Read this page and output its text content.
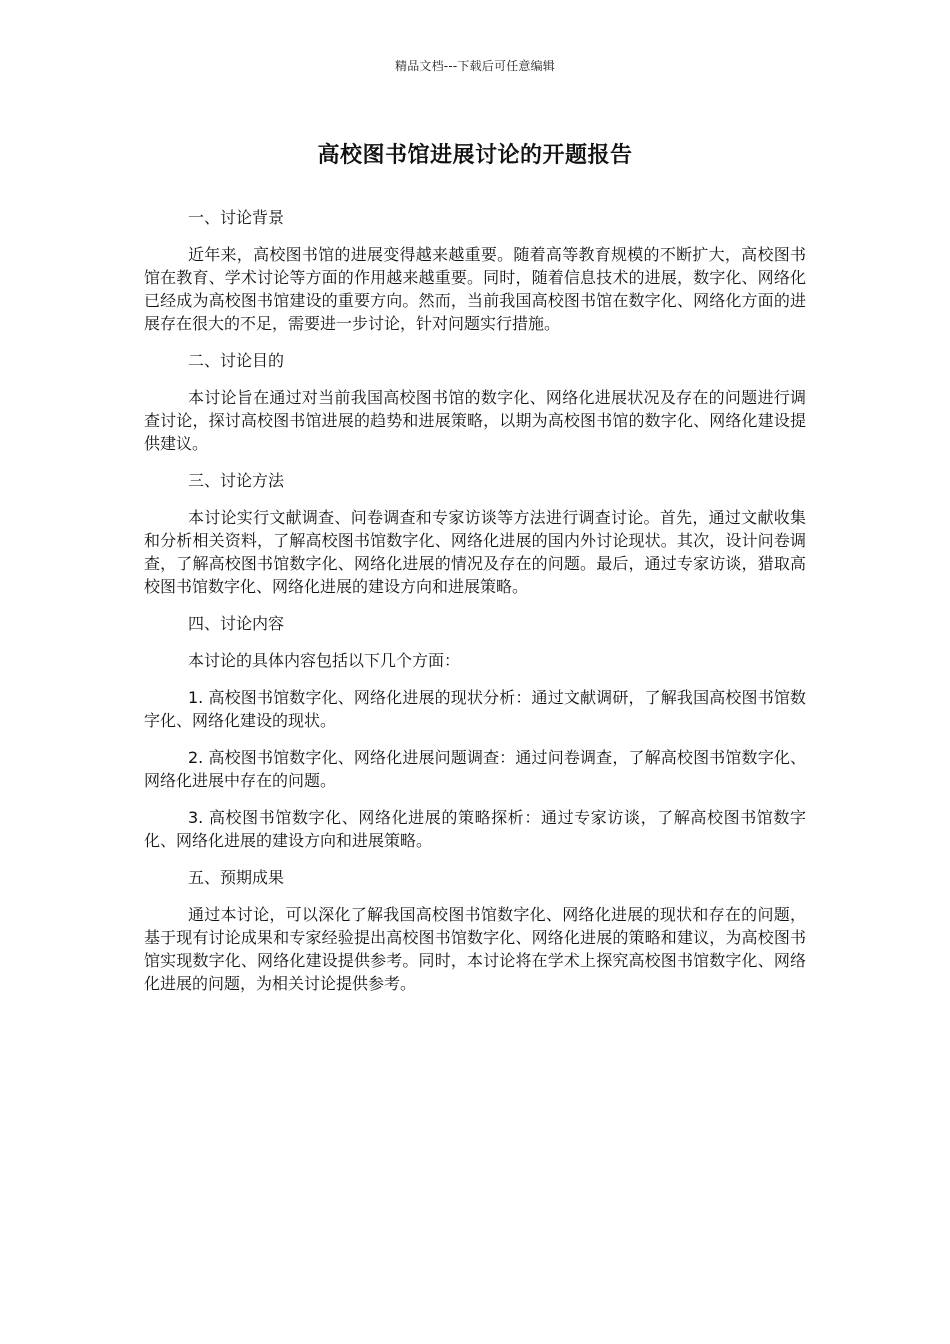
精品文档---下载后可任意编辑
高校图书馆进展讨论的开题报告

一、讨论背景

近年来，高校图书馆的进展变得越来越重要。随着高等教育规模的不断扩大，高校图书馆在教育、学术讨论等方面的作用越来越重要。同时，随着信息技术的进展，数字化、网络化已经成为高校图书馆建设的重要方向。然而，当前我国高校图书馆在数字化、网络化方面的进展存在很大的不足，需要进一步讨论，针对问题实行措施。

二、讨论目的

本讨论旨在通过对当前我国高校图书馆的数字化、网络化进展状况及存在的问题进行调查讨论，探讨高校图书馆进展的趋势和进展策略，以期为高校图书馆的数字化、网络化建设提供建议。

三、讨论方法

本讨论实行文献调查、问卷调查和专家访谈等方法进行调查讨论。首先，通过文献收集和分析相关资料，了解高校图书馆数字化、网络化进展的国内外讨论现状。其次，设计问卷调查，了解高校图书馆数字化、网络化进展的情况及存在的问题。最后，通过专家访谈，猎取高校图书馆数字化、网络化进展的建设方向和进展策略。

四、讨论内容

本讨论的具体内容包括以下几个方面：

1. 高校图书馆数字化、网络化进展的现状分析：通过文献调研，了解我国高校图书馆数字化、网络化建设的现状。

2. 高校图书馆数字化、网络化进展问题调查：通过问卷调查，了解高校图书馆数字化、网络化进展中存在的问题。

3. 高校图书馆数字化、网络化进展的策略探析：通过专家访谈，了解高校图书馆数字化、网络化进展的建设方向和进展策略。

五、预期成果

通过本讨论，可以深化了解我国高校图书馆数字化、网络化进展的现状和存在的问题，基于现有讨论成果和专家经验提出高校图书馆数字化、网络化进展的策略和建议，为高校图书馆实现数字化、网络化建设提供参考。同时，本讨论将在学术上探究高校图书馆数字化、网络化进展的问题，为相关讨论提供参考。
